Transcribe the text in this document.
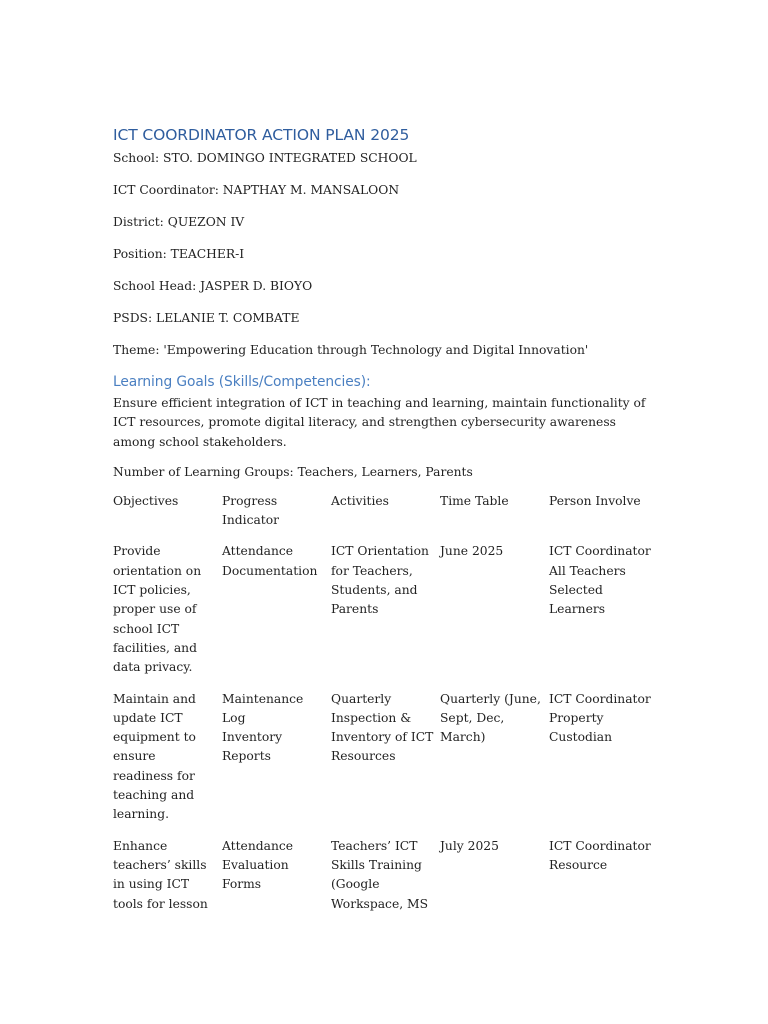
ICT COORDINATOR ACTION PLAN 2025

School: STO. DOMINGO INTEGRATED SCHOOL

ICT Coordinator: NAPTHAY M. MANSALOON

District: QUEZON IV

Position: TEACHER-I

School Head: JASPER D. BIOYO

PSDS: LELANIE T. COMBATE

Theme: 'Empowering Education through Technology and Digital Innovation'

Learning Goals (Skills/Competencies):

Ensure efficient integration of ICT in teaching and learning, maintain functionality of ICT resources, promote digital literacy, and strengthen cybersecurity awareness among school stakeholders.

Number of Learning Groups: Teachers, Learners, Parents

Objectives	Progress Indicator	Activities	Time Table	Person Involve
Provide orientation on ICT policies, proper use of school ICT facilities, and data privacy.	Attendance
Documentation	ICT Orientation for Teachers, Students, and Parents	June 2025	ICT Coordinator
All Teachers
Selected Learners

Maintain and update ICT equipment to ensure readiness for teaching and learning.	Maintenance Log
Inventory Reports	Quarterly Inspection & Inventory of ICT Resources	Quarterly (June, Sept, Dec, March)	ICT Coordinator
Property Custodian

Enhance teachers’ skills in using ICT tools for lesson	Attendance
Evaluation Forms	Teachers’ ICT Skills Training (Google Workspace, MS	July 2025	ICT Coordinator
Resource
